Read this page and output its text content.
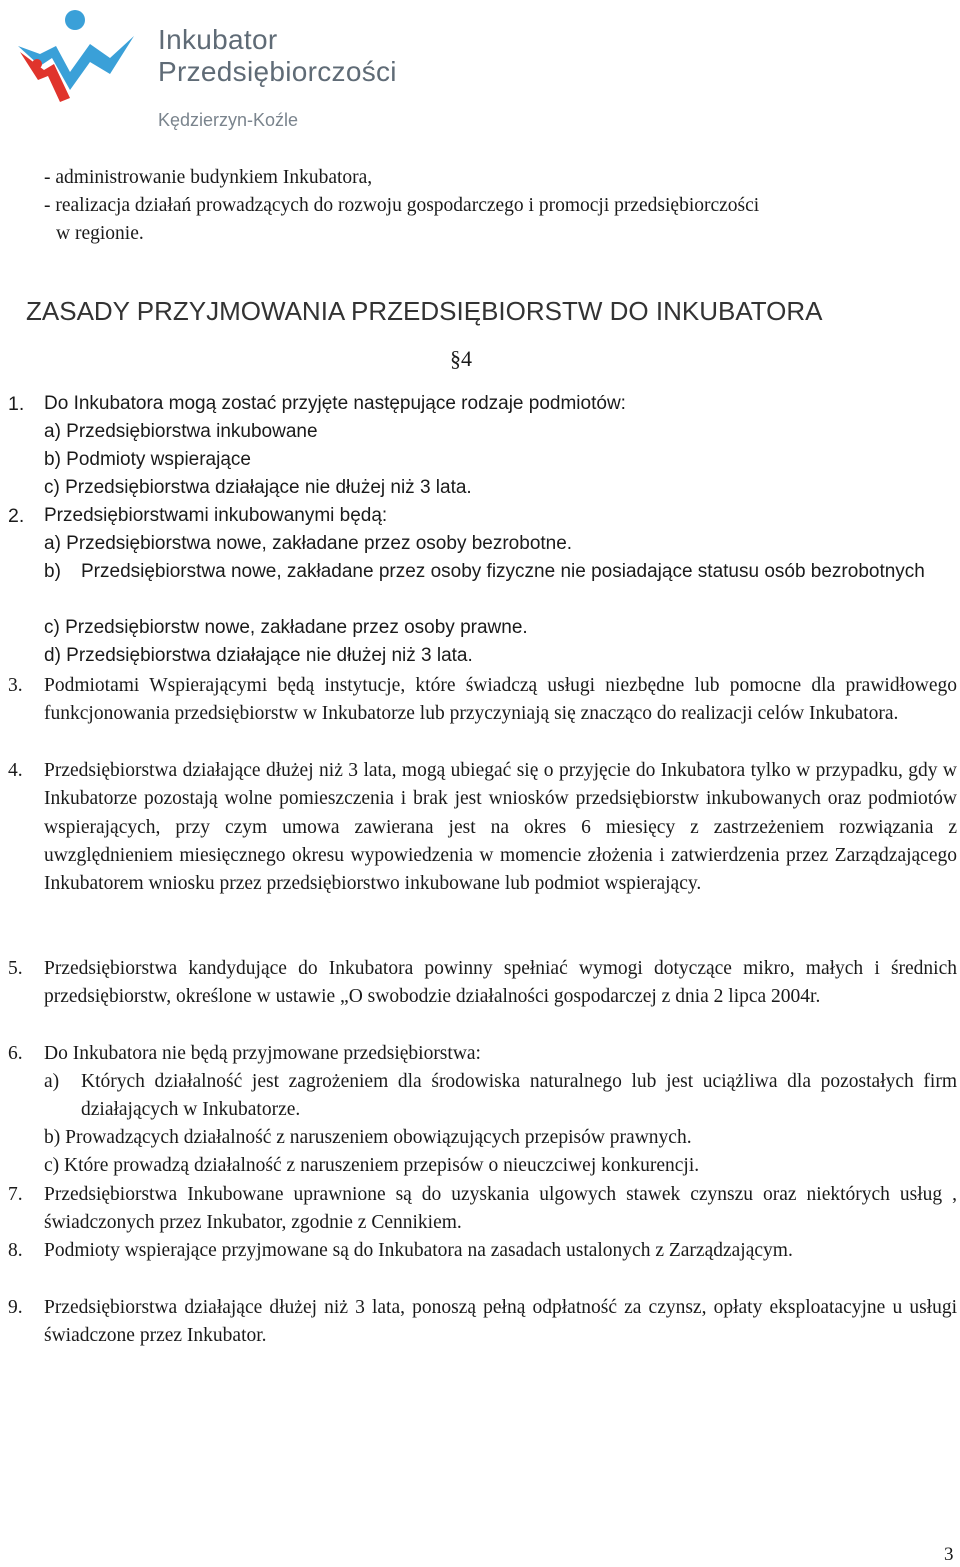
Inkubator
Przedsiębiorczości
Kędzierzyn-Koźle
- administrowanie budynkiem Inkubatora,
- realizacja działań prowadzących do rozwoju gospodarczego i promocji przedsiębiorczości
w regionie.
ZASADY PRZYJMOWANIA PRZEDSIĘBIORSTW DO INKUBATORA
§4
1. Do Inkubatora mogą zostać przyjęte następujące rodzaje podmiotów:
a) Przedsiębiorstwa inkubowane
b) Podmioty wspierające
c) Przedsiębiorstwa działające nie dłużej niż 3 lata.
2. Przedsiębiorstwami inkubowanymi będą:
a) Przedsiębiorstwa nowe, zakładane przez osoby bezrobotne.
b) Przedsiębiorstwa nowe, zakładane przez osoby fizyczne nie posiadające statusu osób bezrobotnych

c) Przedsiębiorstw nowe, zakładane przez osoby prawne.
d) Przedsiębiorstwa działające nie dłużej niż 3 lata.
3. Podmiotami Wspierającymi będą instytucje, które świadczą usługi niezbędne lub pomocne dla prawidłowego funkcjonowania przedsiębiorstw w Inkubatorze lub przyczyniają się znacząco do realizacji celów Inkubatora.

4. Przedsiębiorstwa działające dłużej niż 3 lata, mogą ubiegać się o przyjęcie do Inkubatora tylko w przypadku, gdy w Inkubatorze pozostają wolne pomieszczenia i brak jest wniosków przedsiębiorstw inkubowanych oraz podmiotów wspierających, przy czym umowa zawierana jest na okres 6 miesięcy z zastrzeżeniem rozwiązania z uwzględnieniem miesięcznego okresu wypowiedzenia w momencie złożenia i zatwierdzenia przez Zarządzającego Inkubatorem wniosku przez przedsiębiorstwo inkubowane lub podmiot wspierający.

5. Przedsiębiorstwa kandydujące do Inkubatora powinny spełniać wymogi dotyczące mikro, małych i średnich przedsiębiorstw, określone w ustawie „O swobodzie działalności gospodarczej z dnia 2 lipca 2004r.

6. Do Inkubatora nie będą przyjmowane przedsiębiorstwa:
a) Których działalność jest zagrożeniem dla środowiska naturalnego lub jest uciążliwa dla pozostałych firm działających w Inkubatorze.

b) Prowadzących działalność z naruszeniem obowiązujących przepisów prawnych.
c) Które prowadzą działalność z naruszeniem przepisów o nieuczciwej konkurencji.
7. Przedsiębiorstwa Inkubowane uprawnione są do uzyskania ulgowych stawek czynszu oraz niektórych usług , świadczonych przez Inkubator, zgodnie z Cennikiem.

8. Podmioty wspierające przyjmowane są do Inkubatora na zasadach ustalonych z Zarządzającym.

9. Przedsiębiorstwa działające dłużej niż 3 lata, ponoszą pełną odpłatność za czynsz, opłaty eksploatacyjne u usługi świadczone przez Inkubator.

3
